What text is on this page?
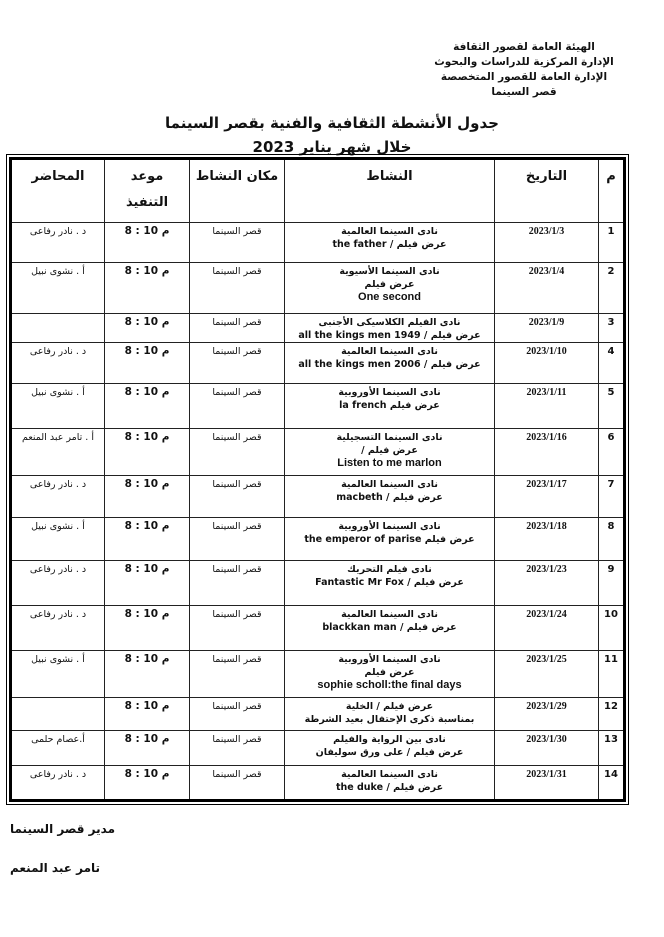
الهيئة العامة لقصور الثقافة
الإدارة المركزية للدراسات والبحوث
الإدارة العامة للقصور المتخصصة
قصر السينما
جدول الأنشطة الثقافية والفنية بقصر السينما
خلال شهر يناير 2023
م	التاريخ	النشاط	مكان النشاط	موعد
التنفيذ	المحاضر
1	2023/1/3	نادى السينما العالمية
عرض فيلم / the father	قصر السينما	8 : 10 م	د . نادر رفاعى
2	2023/1/4	نادى السينما الأسيوية
عرض فيلم
One second	قصر السينما	8 : 10 م	أ . نشوى نبيل
3	2023/1/9	نادى الفيلم الكلاسيكى الأجنبى
عرض فيلم / all the kings men 1949	قصر السينما	8 : 10 م	
4	2023/1/10	نادى السينما العالمية
عرض فيلم / all the kings men 2006	قصر السينما	8 : 10 م	د . نادر رفاعى
5	2023/1/11	نادى السينما الأوروبية
عرض فيلم la french	قصر السينما	8 : 10 م	أ . نشوى نبيل
6	2023/1/16	نادى السينما التسجيلية
عرض فيلم /
Listen to me marlon	قصر السينما	8 : 10 م	أ . تامر عبد المنعم
7	2023/1/17	نادى السينما العالمية
عرض فيلم / macbeth	قصر السينما	8 : 10 م	د . نادر رفاعى
8	2023/1/18	نادى السينما الأوروبية
عرض فيلم the emperor of parise	قصر السينما	8 : 10 م	أ . نشوى نبيل
9	2023/1/23	نادى فيلم التحريك
عرض فيلم / Fantastic Mr Fox	قصر السينما	8 : 10 م	د . نادر رفاعى
10	2023/1/24	نادى السينما العالمية
عرض فيلم / blackkan man	قصر السينما	8 : 10 م	د . نادر رفاعى
11	2023/1/25	نادى السينما الأوروبية
عرض فيلم
sophie scholl:the final days	قصر السينما	8 : 10 م	أ . نشوى نبيل
12	2023/1/29	عرض فيلم / الخلية
بمناسبة ذكرى الإحتفال بعيد الشرطة	قصر السينما	8 : 10 م	
13	2023/1/30	نادى بين الرواية والفيلم
عرض فيلم / على ورق سوليفان	قصر السينما	8 : 10 م	أ.عصام حلمى
14	2023/1/31	نادى السينما العالمية
عرض فيلم / the duke	قصر السينما	8 : 10 م	د . نادر رفاعى
مدير قصر السينما
تامر عبد المنعم
